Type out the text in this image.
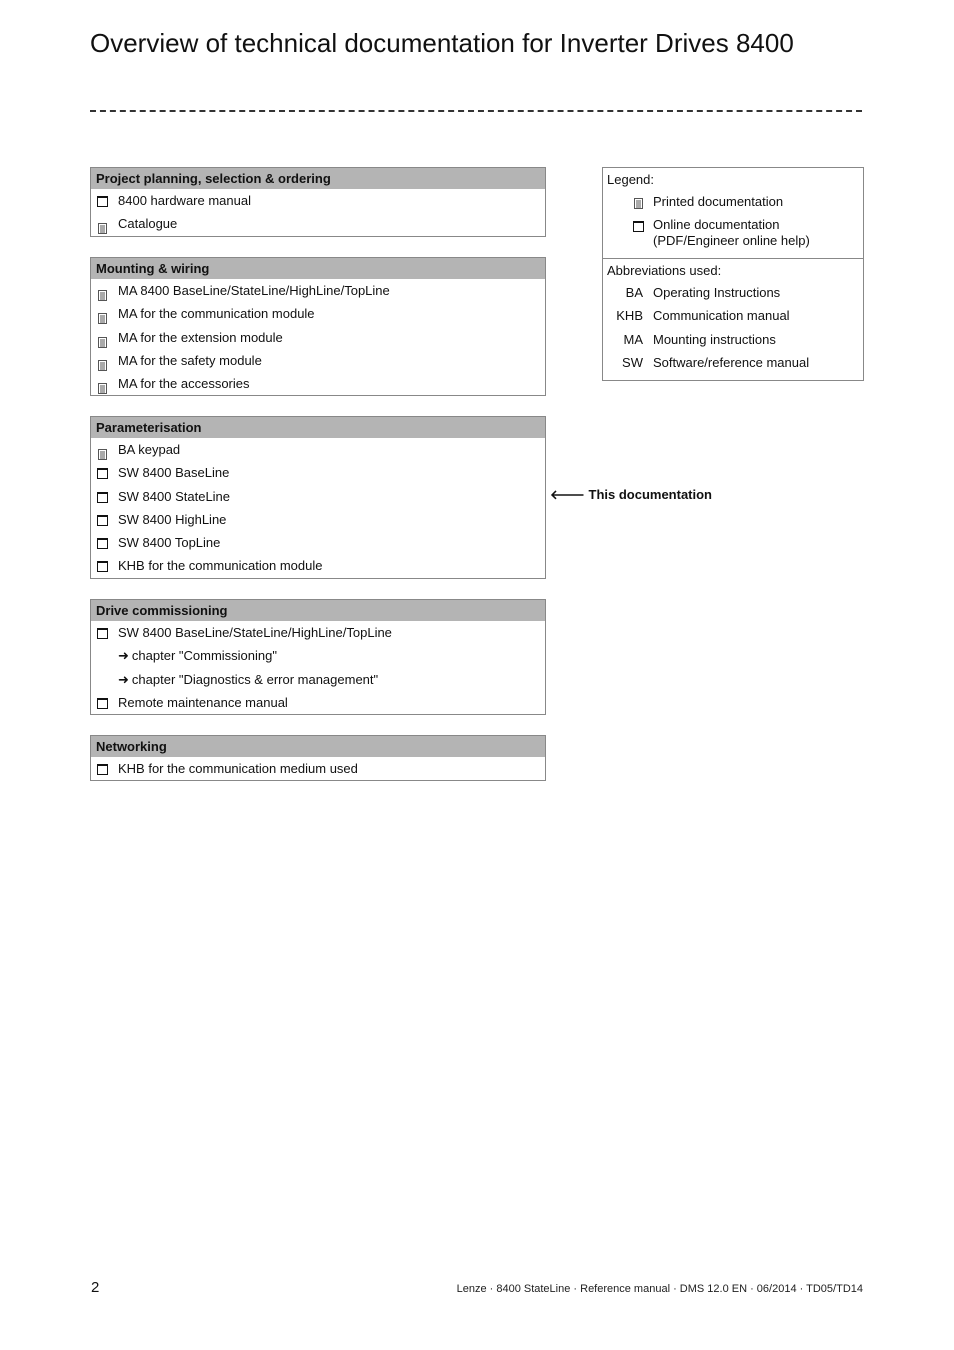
Overview of technical documentation for Inverter Drives 8400
Project planning, selection & ordering
8400 hardware manual
Catalogue
Mounting & wiring
MA 8400 BaseLine/StateLine/HighLine/TopLine
MA for the communication module
MA for the extension module
MA for the safety module
MA for the accessories
Parameterisation
BA keypad
SW 8400 BaseLine
SW 8400 StateLine
SW 8400 HighLine
SW 8400 TopLine
KHB for the communication module
Drive commissioning
SW 8400 BaseLine/StateLine/HighLine/TopLine
➜ chapter "Commissioning"
➜ chapter "Diagnostics & error management"
Remote maintenance manual
Networking
KHB for the communication medium used
🡐 This documentation
Legend:
Printed documentation
Online documentation
(PDF/Engineer online help)
Abbreviations used:
BA Operating Instructions
KHB Communication manual
MA Mounting instructions
SW Software/reference manual
2	Lenze · 8400 StateLine · Reference manual · DMS 12.0 EN · 06/2014 · TD05/TD14
